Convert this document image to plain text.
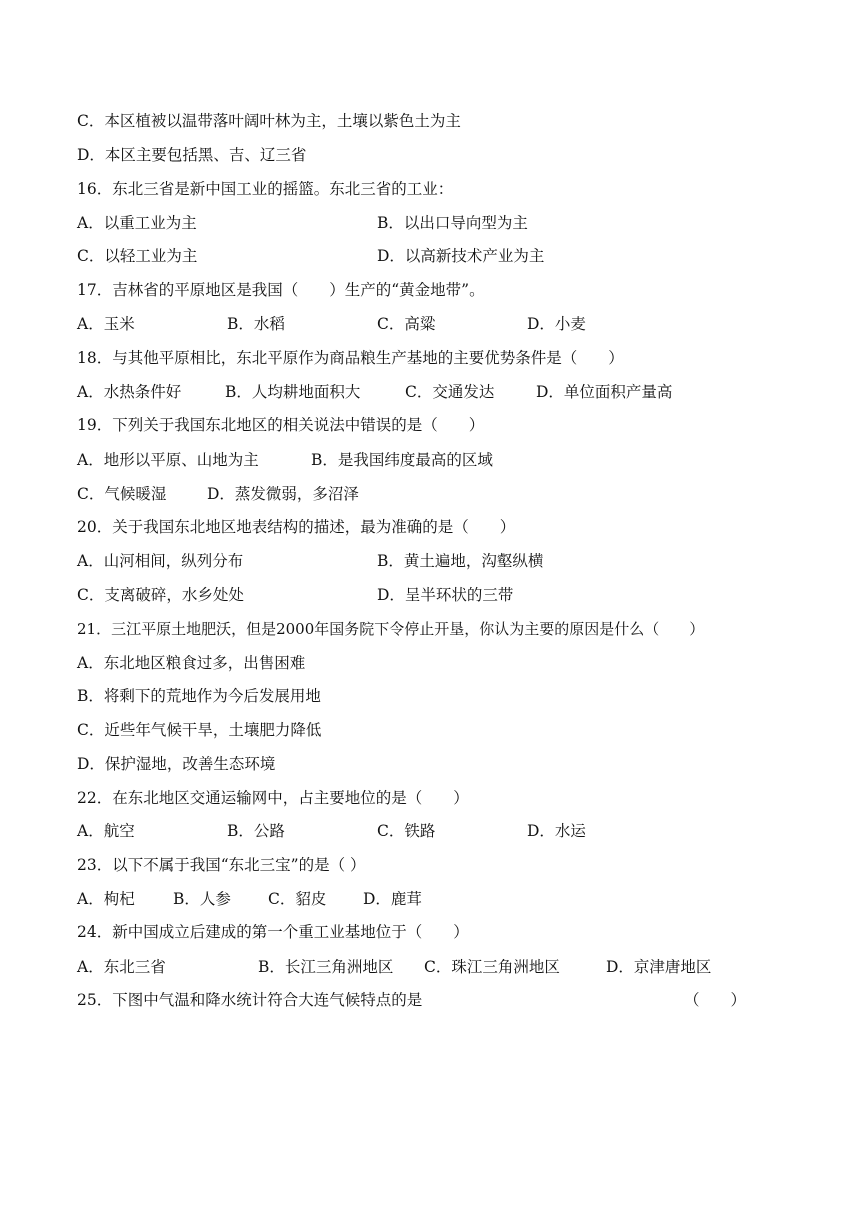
C．本区植被以温带落叶阔叶林为主，土壤以紫色土为主
D．本区主要包括黑、吉、辽三省
16．东北三省是新中国工业的摇篮。东北三省的工业：
A．以重工业为主	B．以出口导向型为主
C．以轻工业为主	D．以高新技术产业为主
17．吉林省的平原地区是我国（　　）生产的“黄金地带”。
A．玉米	B．水稻	C．高粱	D．小麦
18．与其他平原相比，东北平原作为商品粮生产基地的主要优势条件是（　　）
A．水热条件好	B．人均耕地面积大	C．交通发达	D．单位面积产量高
19．下列关于我国东北地区的相关说法中错误的是（　　）
A．地形以平原、山地为主	B．是我国纬度最高的区域
C．气候暖湿	D．蒸发微弱，多沼泽
20．关于我国东北地区地表结构的描述，最为准确的是（　　）
A．山河相间，纵列分布	B．黄土遍地，沟壑纵横
C．支离破碎，水乡处处	D．呈半环状的三带
21．三江平原土地肥沃，但是2000年国务院下令停止开垦，你认为主要的原因是什么（　　）
A．东北地区粮食过多，出售困难
B．将剩下的荒地作为今后发展用地
C．近些年气候干旱，土壤肥力降低
D．保护湿地，改善生态环境
22．在东北地区交通运输网中，占主要地位的是（　　）
A．航空	B．公路	C．铁路	D．水运
23．以下不属于我国“东北三宝”的是（ ）
A．枸杞 B．人参 C．貂皮 D．鹿茸
24．新中国成立后建成的第一个重工业基地位于（　　）
A．东北三省	B．长江三角洲地区 C．珠江三角洲地区	D．京津唐地区
25．下图中气温和降水统计符合大连气候特点的是	（　　）
